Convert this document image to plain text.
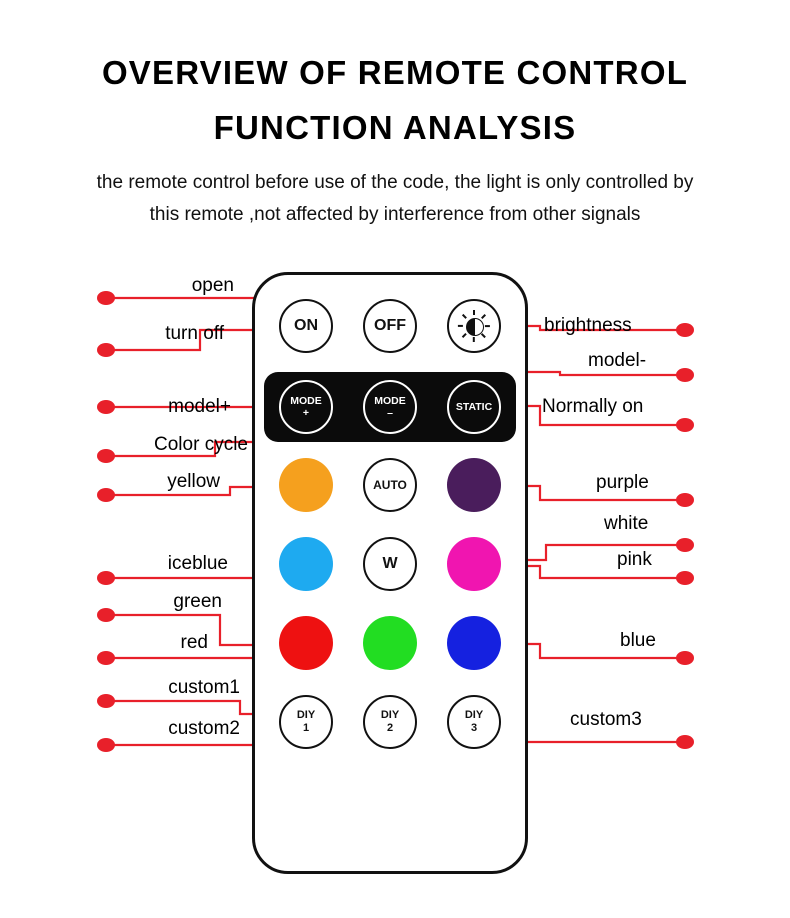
OVERVIEW OF REMOTE CONTROL
FUNCTION ANALYSIS
the remote control before use of the code, the light is only controlled by
this remote ,not affected by interference from other signals
ON	OFF
MODE
+
MODE
–
STATIC
AUTO
W
DIY
1
DIY
2
DIY
3
open
turn off
model+
Color cycle
yellow
iceblue
green
red
custom1
custom2
brightness
model-
Normally on
purple
white
pink
blue
custom3
